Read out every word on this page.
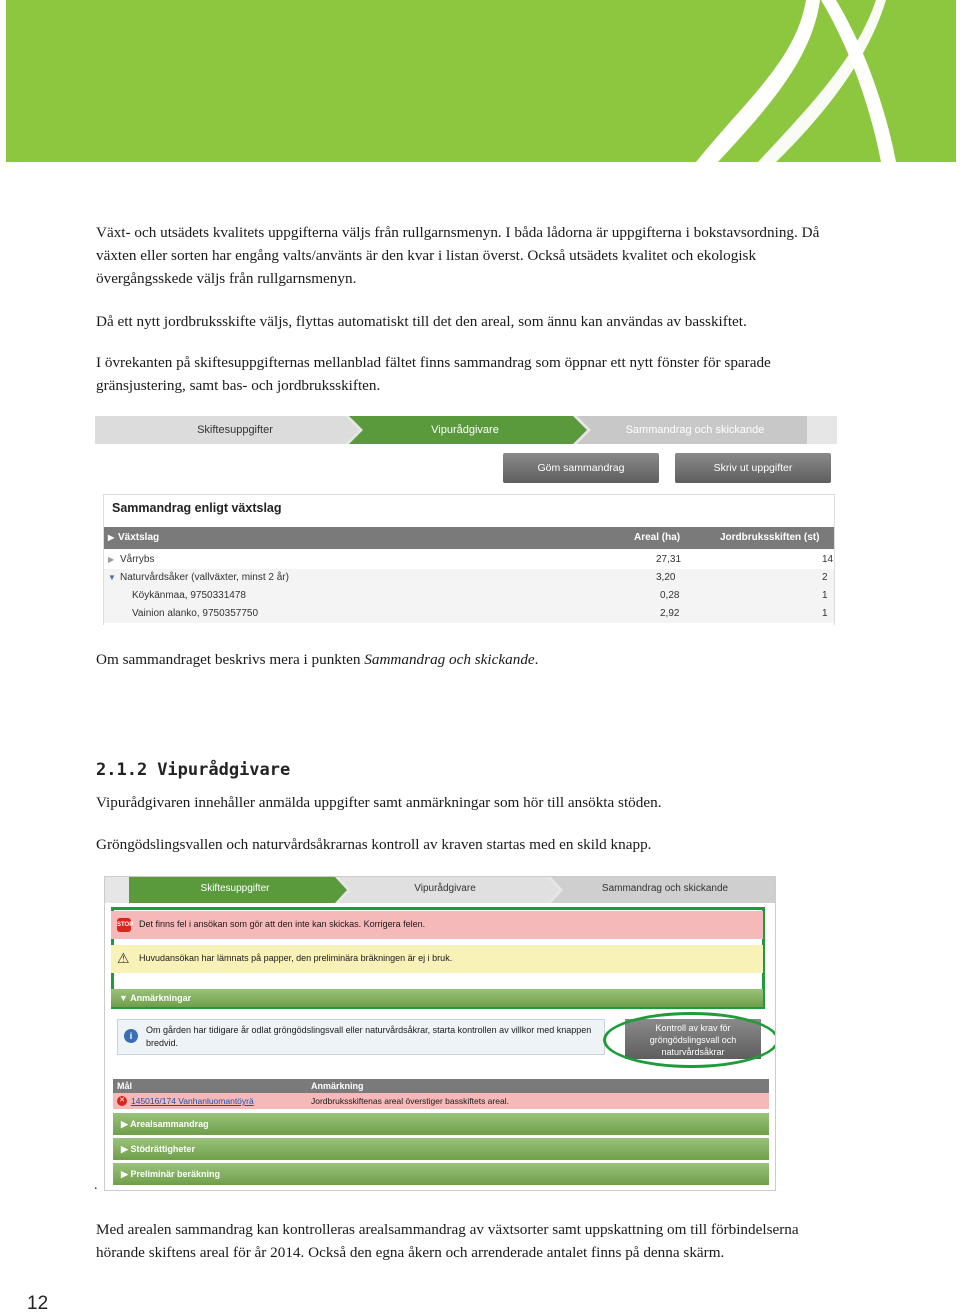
Växt- och utsädets kvalitets uppgifterna väljs från rullgarnsmenyn. I båda lådorna är uppgifterna i bokstavsordning. Då växten eller sorten har engång valts/använts är den kvar i listan överst. Också utsädets kvalitet och ekologisk övergångsskede väljs från rullgarnsmenyn.

Då ett nytt jordbruksskifte väljs, flyttas automatiskt till det den areal, som ännu kan användas av basskiftet.

I övrekanten på skiftesuppgifternas mellanblad fältet finns sammandrag som öppnar ett nytt fönster för sparade gränsjustering, samt bas- och jordbruksskiften.

Skiftesuppgifter	Vipurådgivare	Sammandrag och skickande
Göm sammandrag	Skriv ut uppgifter
Sammandrag enligt växtslag
▶ Växtslag	Areal (ha)	Jordbruksskiften (st)
▶ Vårrybs	27,31	14
▼ Naturvårdsåker (vallväxter, minst 2 år)	3,20	2
Köykänmaa, 9750331478	0,28	1
Vainion alanko, 9750357750	2,92	1

Om sammandraget beskrivs mera i punkten Sammandrag och skickande.

2.1.2 Vipurådgivare

Vipurådgivaren innehåller anmälda uppgifter samt anmärkningar som hör till ansökta stöden.

Gröngödslingsvallen och naturvårdsåkrarnas kontroll av kraven startas med en skild knapp.

Skiftesuppgifter	Vipurådgivare	Sammandrag och skickande
STOP Det finns fel i ansökan som gör att den inte kan skickas. Korrigera felen.
⚠ Huvudansökan har lämnats på papper, den preliminära bräkningen är ej i bruk.
▼ Anmärkningar
i
Om gården har tidigare år odlat gröngödslingsvall eller naturvårdsåkrar, starta kontrollen av villkor med knappen bredvid.
Kontroll av krav för gröngödslingsvall och naturvårdsåkrar
Mål	Anmärkning
✕ 145016/174 Vanhanluomantöyrä	Jordbruksskiftenas areal överstiger basskiftets areal.
▶ Arealsammandrag
▶ Stödrättigheter
▶ Preliminär beräkning
.

Med arealen sammandrag kan kontrolleras arealsammandrag av växtsorter samt uppskattning om till förbindelserna hörande skiftens areal för år 2014. Också den egna åkern och arrenderade antalet finns på denna skärm.

12
